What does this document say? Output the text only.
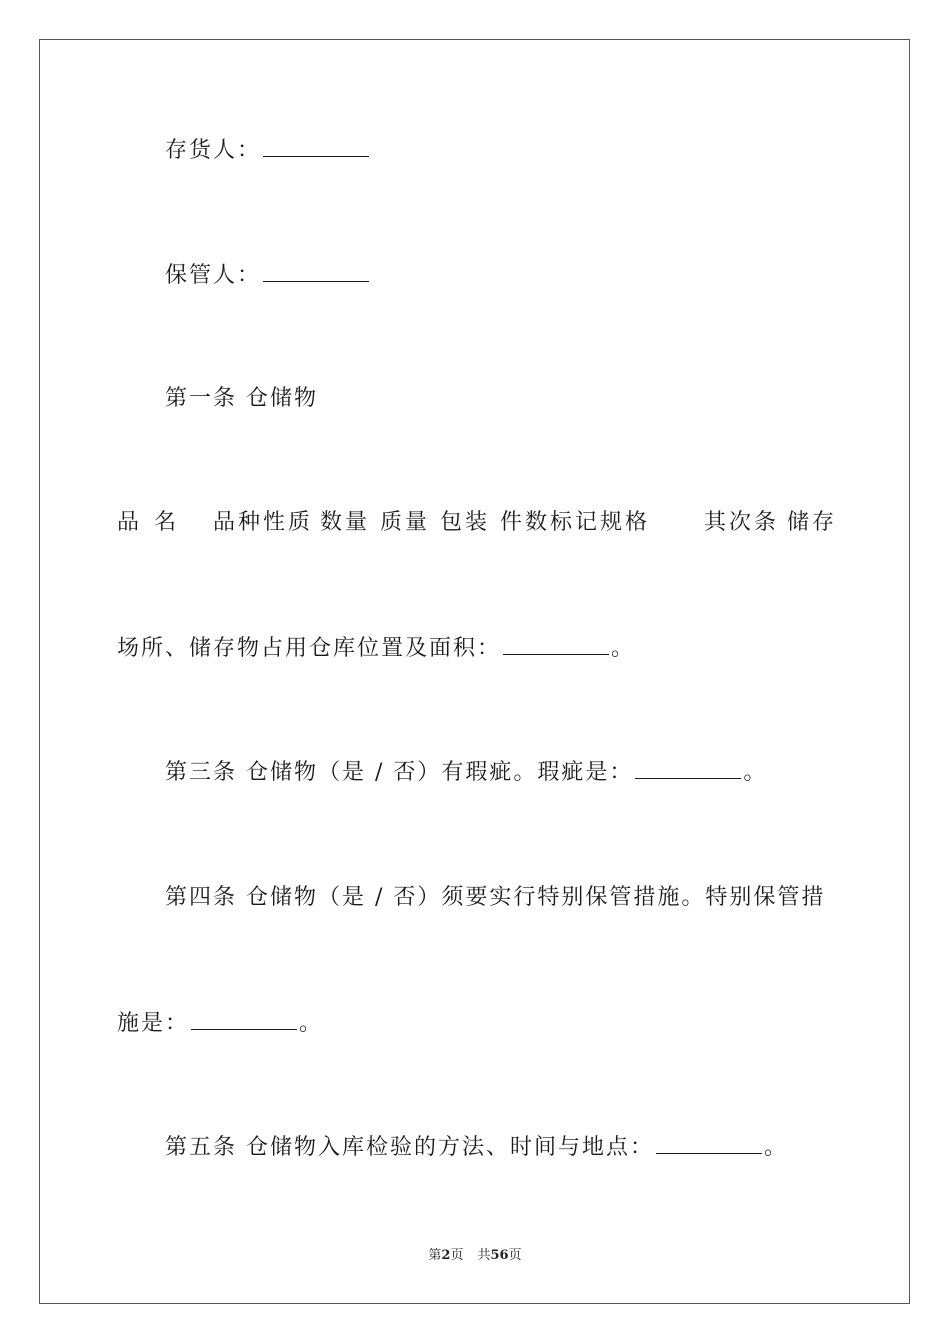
存货人：
保管人：
第一条 仓储物
品 名 品种性质 数量 质量 包装 件数标记规格 其次条 储存
场所、储存物占用仓库位置及面积：	。
第三条 仓储物（是 / 否）有瑕疵。瑕疵是：	。
第四条 仓储物（是 / 否）须要实行特别保管措施。特别保管措
施是：	。
第五条 仓储物入库检验的方法、时间与地点：	。
第2页 共56页
